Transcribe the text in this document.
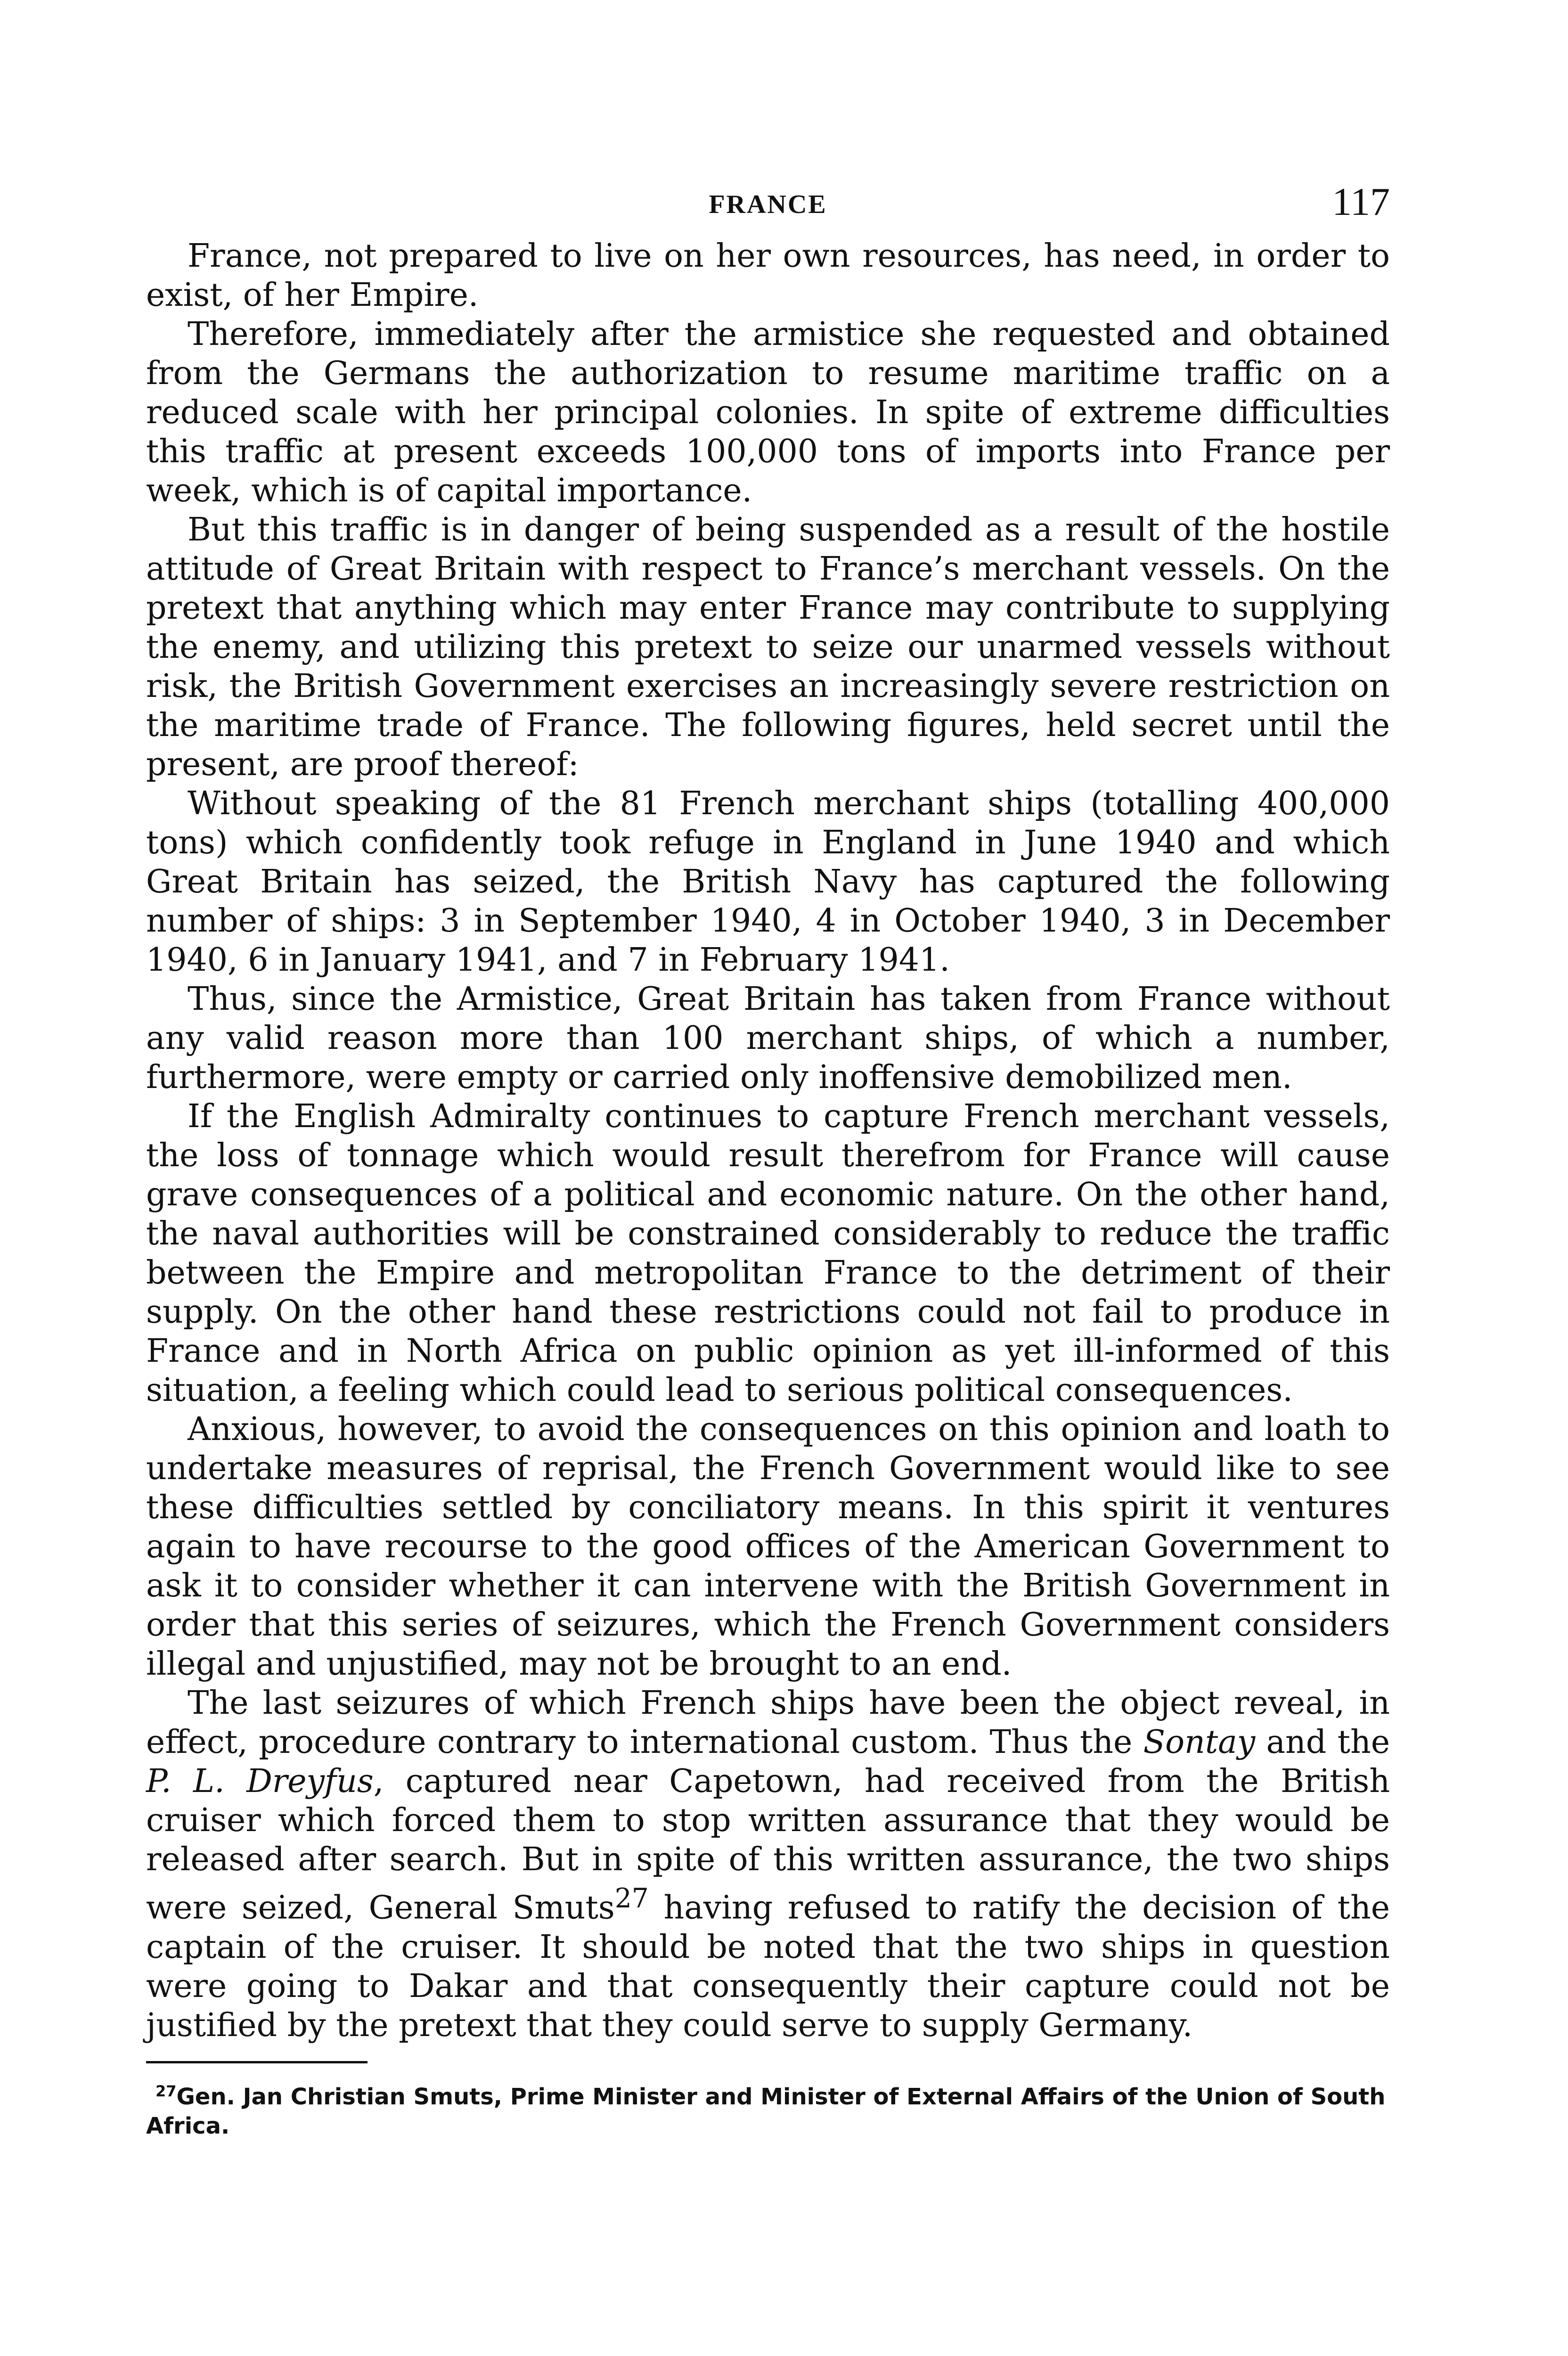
FRANCE	117

France, not prepared to live on her own resources, has need, in order to exist, of her Empire.

Therefore, immediately after the armistice she requested and obtained from the Germans the authorization to resume maritime traffic on a reduced scale with her principal colonies. In spite of extreme difficulties this traffic at present exceeds 100,000 tons of imports into France per week, which is of capital importance.

But this traffic is in danger of being suspended as a result of the hostile attitude of Great Britain with respect to France’s merchant vessels. On the pretext that anything which may enter France may contribute to supplying the enemy, and utilizing this pretext to seize our unarmed vessels without risk, the British Government exercises an increasingly severe restriction on the maritime trade of France. The following figures, held secret until the present, are proof thereof:

Without speaking of the 81 French merchant ships (totalling 400,000 tons) which confidently took refuge in England in June 1940 and which Great Britain has seized, the British Navy has captured the following number of ships: 3 in September 1940, 4 in October 1940, 3 in December 1940, 6 in January 1941, and 7 in February 1941.

Thus, since the Armistice, Great Britain has taken from France without any valid reason more than 100 merchant ships, of which a number, furthermore, were empty or carried only inoffensive demobilized men.

If the English Admiralty continues to capture French merchant vessels, the loss of tonnage which would result therefrom for France will cause grave consequences of a political and economic nature. On the other hand, the naval authorities will be constrained considerably to reduce the traffic between the Empire and metropolitan France to the detriment of their supply. On the other hand these restrictions could not fail to produce in France and in North Africa on public opinion as yet ill-informed of this situation, a feeling which could lead to serious political consequences.

Anxious, however, to avoid the consequences on this opinion and loath to undertake measures of reprisal, the French Government would like to see these difficulties settled by conciliatory means. In this spirit it ventures again to have recourse to the good offices of the American Government to ask it to consider whether it can intervene with the British Government in order that this series of seizures, which the French Government considers illegal and unjustified, may not be brought to an end.

The last seizures of which French ships have been the object reveal, in effect, procedure contrary to international custom. Thus the Sontay and the P. L. Dreyfus, captured near Capetown, had received from the British cruiser which forced them to stop written assurance that they would be released after search. But in spite of this written assurance, the two ships were seized, General Smuts$^{27}$ having refused to ratify the decision of the captain of the cruiser. It should be noted that the two ships in question were going to Dakar and that consequently their capture could not be justified by the pretext that they could serve to supply Germany.

$^{27}$Gen. Jan Christian Smuts, Prime Minister and Minister of External Affairs of the Union of South Africa.
